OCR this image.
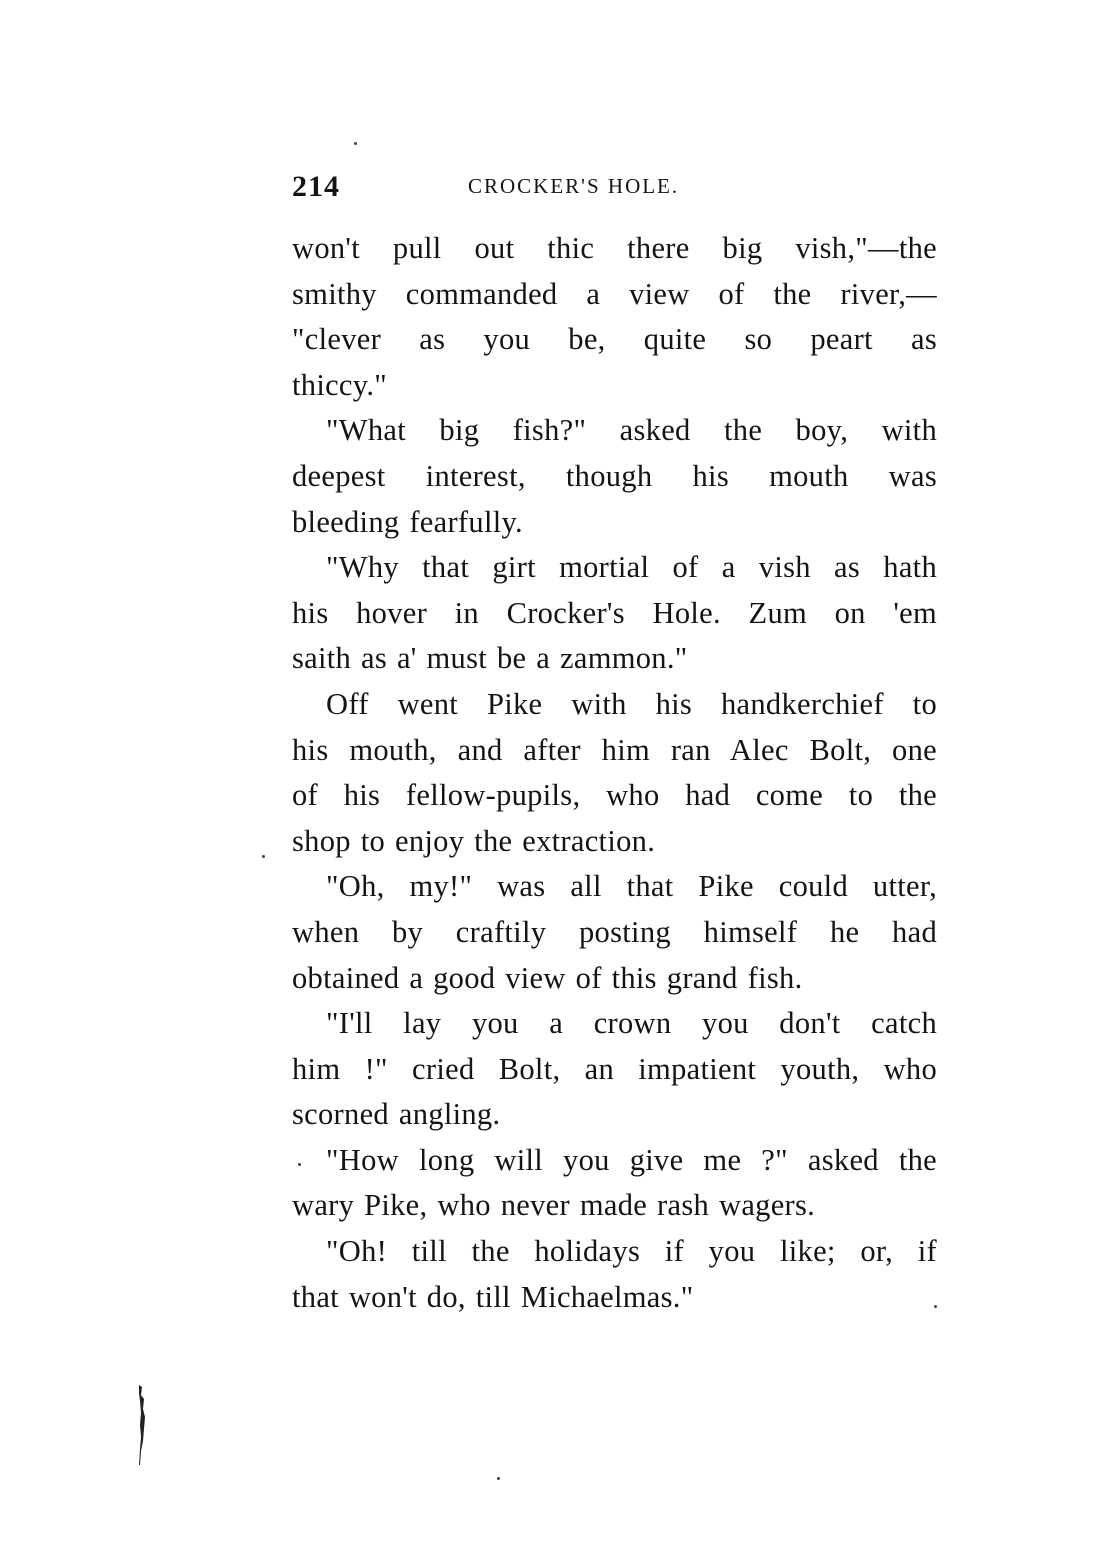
214	CROCKER'S HOLE.

won't pull out thic there big vish,"—the
smithy commanded a view of the river,—
"clever as you be, quite so peart as
thiccy."

"What big fish?" asked the boy, with
deepest interest, though his mouth was
bleeding fearfully.

"Why that girt mortial of a vish as hath
his hover in Crocker's Hole. Zum on 'em
saith as a' must be a zammon."

Off went Pike with his handkerchief to
his mouth, and after him ran Alec Bolt, one
of his fellow-pupils, who had come to the
shop to enjoy the extraction.

"Oh, my!" was all that Pike could utter,
when by craftily posting himself he had
obtained a good view of this grand fish.

"I'll lay you a crown you don't catch
him !" cried Bolt, an impatient youth, who
scorned angling.

"How long will you give me ?" asked the
wary Pike, who never made rash wagers.

"Oh! till the holidays if you like; or, if
that won't do, till Michaelmas."
